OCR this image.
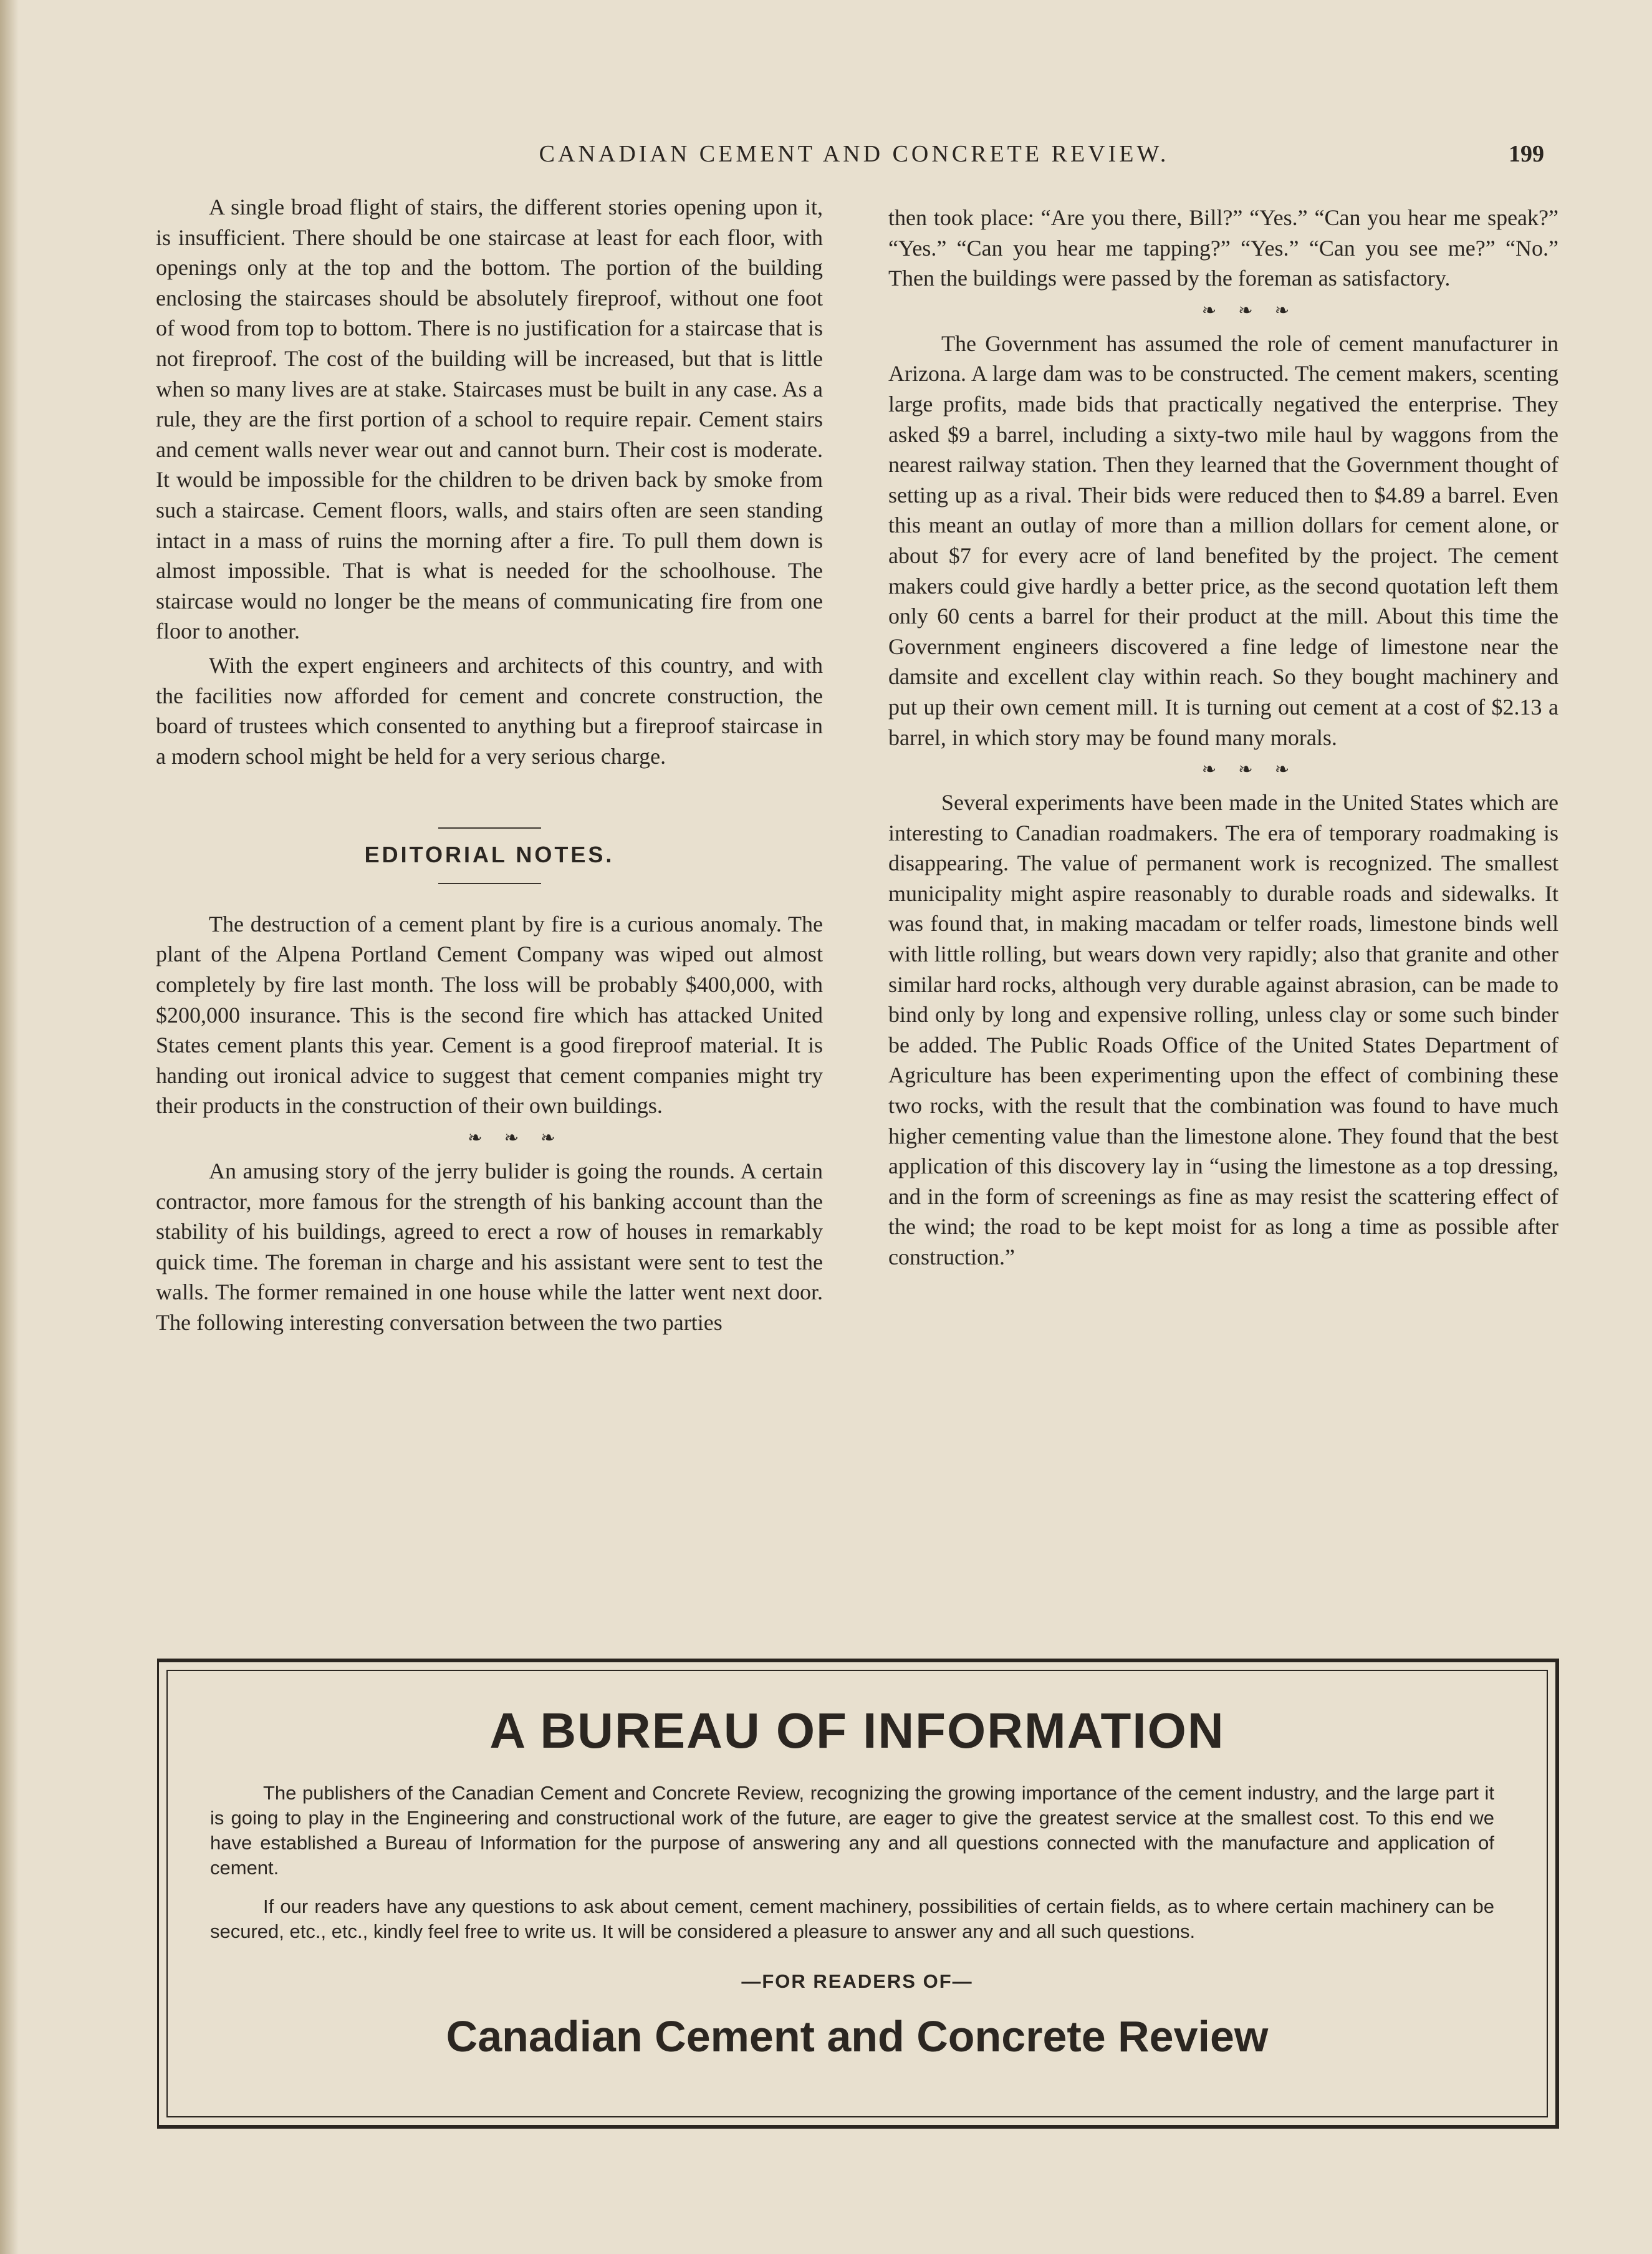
CANADIAN CEMENT AND CONCRETE REVIEW.	199

A single broad flight of stairs, the different stories opening upon it, is insufficient. There should be one staircase at least for each floor, with openings only at the top and the bottom. The portion of the building enclosing the staircases should be absolutely fireproof, without one foot of wood from top to bottom. There is no justification for a staircase that is not fireproof. The cost of the building will be increased, but that is little when so many lives are at stake. Staircases must be built in any case. As a rule, they are the first portion of a school to require repair. Cement stairs and cement walls never wear out and cannot burn. Their cost is moderate. It would be impossible for the children to be driven back by smoke from such a staircase. Cement floors, walls, and stairs often are seen standing intact in a mass of ruins the morning after a fire. To pull them down is almost impossible. That is what is needed for the schoolhouse. The staircase would no longer be the means of communicating fire from one floor to another.

With the expert engineers and architects of this country, and with the facilities now afforded for cement and concrete construction, the board of trustees which consented to anything but a fireproof staircase in a modern school might be held for a very serious charge.

EDITORIAL NOTES.

The destruction of a cement plant by fire is a curious anomaly. The plant of the Alpena Portland Cement Company was wiped out almost completely by fire last month. The loss will be probably $400,000, with $200,000 insurance. This is the second fire which has attacked United States cement plants this year. Cement is a good fireproof material. It is handing out ironical advice to suggest that cement companies might try their products in the construction of their own buildings.

❧ ❧ ❧

An amusing story of the jerry bulider is going the rounds. A certain contractor, more famous for the strength of his banking account than the stability of his buildings, agreed to erect a row of houses in remarkably quick time. The foreman in charge and his assistant were sent to test the walls. The former remained in one house while the latter went next door. The following interesting conversation between the two parties

then took place: “Are you there, Bill?” “Yes.” “Can you hear me speak?” “Yes.” “Can you hear me tapping?” “Yes.” “Can you see me?” “No.” Then the buildings were passed by the foreman as satisfactory.

❧ ❧ ❧

The Government has assumed the role of cement manufacturer in Arizona. A large dam was to be constructed. The cement makers, scenting large profits, made bids that practically negatived the enterprise. They asked $9 a barrel, including a sixty-two mile haul by waggons from the nearest railway station. Then they learned that the Government thought of setting up as a rival. Their bids were reduced then to $4.89 a barrel. Even this meant an outlay of more than a million dollars for cement alone, or about $7 for every acre of land benefited by the project. The cement makers could give hardly a better price, as the second quotation left them only 60 cents a barrel for their product at the mill. About this time the Government engineers discovered a fine ledge of limestone near the damsite and excellent clay within reach. So they bought machinery and put up their own cement mill. It is turning out cement at a cost of $2.13 a barrel, in which story may be found many morals.

❧ ❧ ❧

Several experiments have been made in the United States which are interesting to Canadian roadmakers. The era of temporary roadmaking is disappearing. The value of permanent work is recognized. The smallest municipality might aspire reasonably to durable roads and sidewalks. It was found that, in making macadam or telfer roads, limestone binds well with little rolling, but wears down very rapidly; also that granite and other similar hard rocks, although very durable against abrasion, can be made to bind only by long and expensive rolling, unless clay or some such binder be added. The Public Roads Office of the United States Department of Agriculture has been experimenting upon the effect of combining these two rocks, with the result that the combination was found to have much higher cementing value than the limestone alone. They found that the best application of this discovery lay in “using the limestone as a top dressing, and in the form of screenings as fine as may resist the scattering effect of the wind; the road to be kept moist for as long a time as possible after construction.”

A BUREAU OF INFORMATION

The publishers of the Canadian Cement and Concrete Review, recognizing the growing importance of the cement industry, and the large part it is going to play in the Engineering and constructional work of the future, are eager to give the greatest service at the smallest cost. To this end we have established a Bureau of Information for the purpose of answering any and all questions connected with the manufacture and application of cement.

If our readers have any questions to ask about cement, cement machinery, possibilities of certain fields, as to where certain machinery can be secured, etc., etc., kindly feel free to write us. It will be considered a pleasure to answer any and all such questions.

—FOR READERS OF—
Canadian Cement and Concrete Review
